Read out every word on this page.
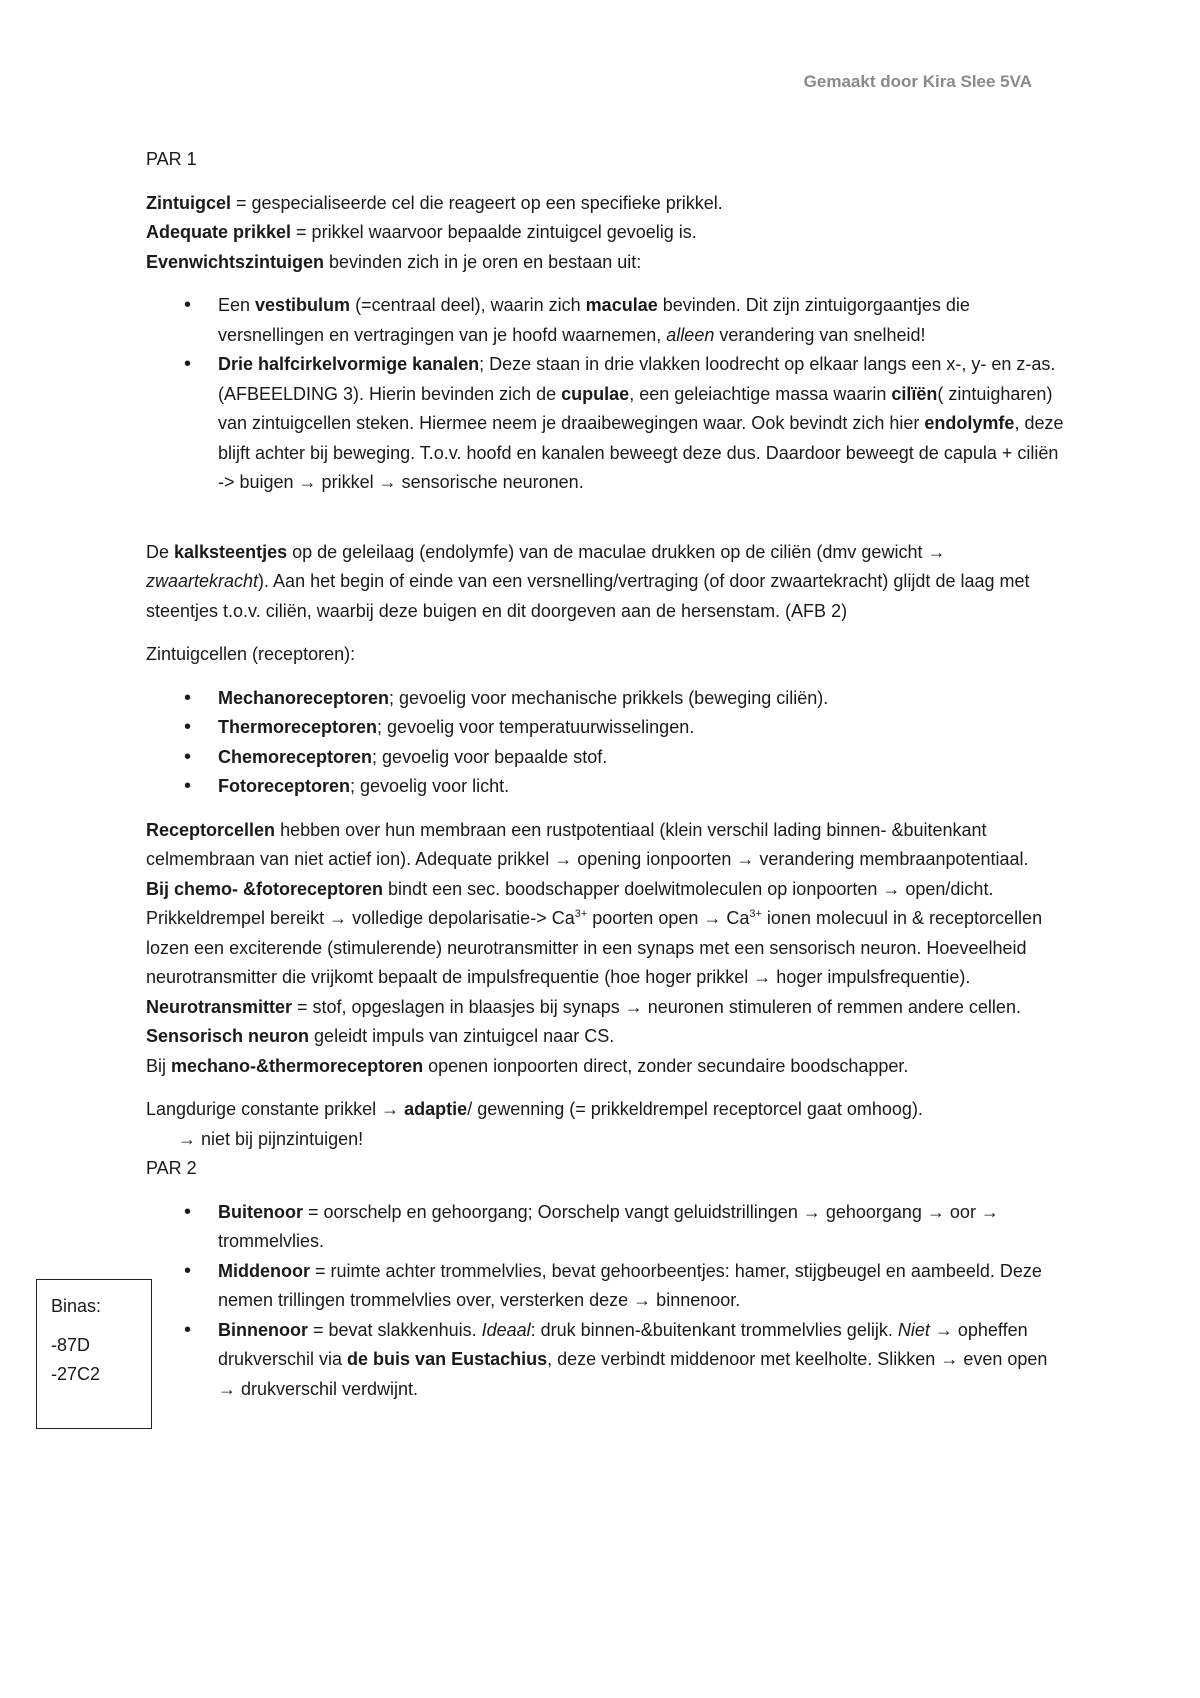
Gemaakt door Kira Slee 5VA

PAR 1

Zintuigcel = gespecialiseerde cel die reageert op een specifieke prikkel.

Adequate prikkel = prikkel waarvoor bepaalde zintuigcel gevoelig is.

Evenwichtszintuigen bevinden zich in je oren en bestaan uit:

• Een vestibulum (=centraal deel), waarin zich maculae bevinden. Dit zijn zintuigorgaantjes die versnellingen en vertragingen van je hoofd waarnemen, alleen verandering van snelheid!
• Drie halfcirkelvormige kanalen; Deze staan in drie vlakken loodrecht op elkaar langs een x-, y- en z-as. (AFBEELDING 3). Hierin bevinden zich de cupulae, een geleiachtige massa waarin cilïën( zintuigharen) van zintuigcellen steken. Hiermee neem je draaibewegingen waar. Ook bevindt zich hier endolymfe, deze blijft achter bij beweging. T.o.v. hoofd en kanalen beweegt deze dus. Daardoor beweegt de capula + ciliën -> buigen → prikkel → sensorische neuronen.

De kalksteentjes op de geleilaag (endolymfe) van de maculae drukken op de ciliën (dmv gewicht → zwaartekracht). Aan het begin of einde van een versnelling/vertraging (of door zwaartekracht) glijdt de laag met steentjes t.o.v. ciliën, waarbij deze buigen en dit doorgeven aan de hersenstam. (AFB 2)

Zintuigcellen (receptoren):

• Mechanoreceptoren; gevoelig voor mechanische prikkels (beweging ciliën).
• Thermoreceptoren; gevoelig voor temperatuurwisselingen.
• Chemoreceptoren; gevoelig voor bepaalde stof.
• Fotoreceptoren; gevoelig voor licht.

Receptorcellen hebben over hun membraan een rustpotentiaal (klein verschil lading binnen- &buitenkant celmembraan van niet actief ion). Adequate prikkel → opening ionpoorten → verandering membraanpotentiaal.

Bij chemo- &fotoreceptoren bindt een sec. boodschapper doelwitmoleculen op ionpoorten → open/dicht. Prikkeldrempel bereikt → volledige depolarisatie-> $Ca^{3+}$ poorten open → $Ca^{3+}$ ionen molecuul in & receptorcellen lozen een exciterende (stimulerende) neurotransmitter in een synaps met een sensorisch neuron. Hoeveelheid neurotransmitter die vrijkomt bepaalt de impulsfrequentie (hoe hoger prikkel → hoger impulsfrequentie). Neurotransmitter = stof, opgeslagen in blaasjes bij synaps → neuronen stimuleren of remmen andere cellen. Sensorisch neuron geleidt impuls van zintuigcel naar CS.

Bij mechano-&thermoreceptoren openen ionpoorten direct, zonder secundaire boodschapper.

Langdurige constante prikkel → adaptie/ gewenning (= prikkeldrempel receptorcel gaat omhoog).

→ niet bij pijnzintuigen!

PAR 2

• Buitenoor = oorschelp en gehoorgang; Oorschelp vangt geluidstrillingen → gehoorgang → oor → trommelvlies.
• Middenoor = ruimte achter trommelvlies, bevat gehoorbeentjes: hamer, stijgbeugel en aambeeld. Deze nemen trillingen trommelvlies over, versterken deze → binnenoor.
• Binnenoor = bevat slakkenhuis. Ideaal: druk binnen-&buitenkant trommelvlies gelijk. Niet → opheffen drukverschil via de buis van Eustachius, deze verbindt middenoor met keelholte. Slikken → even open → drukverschil verdwijnt.
Binas:
-87D
-27C2
